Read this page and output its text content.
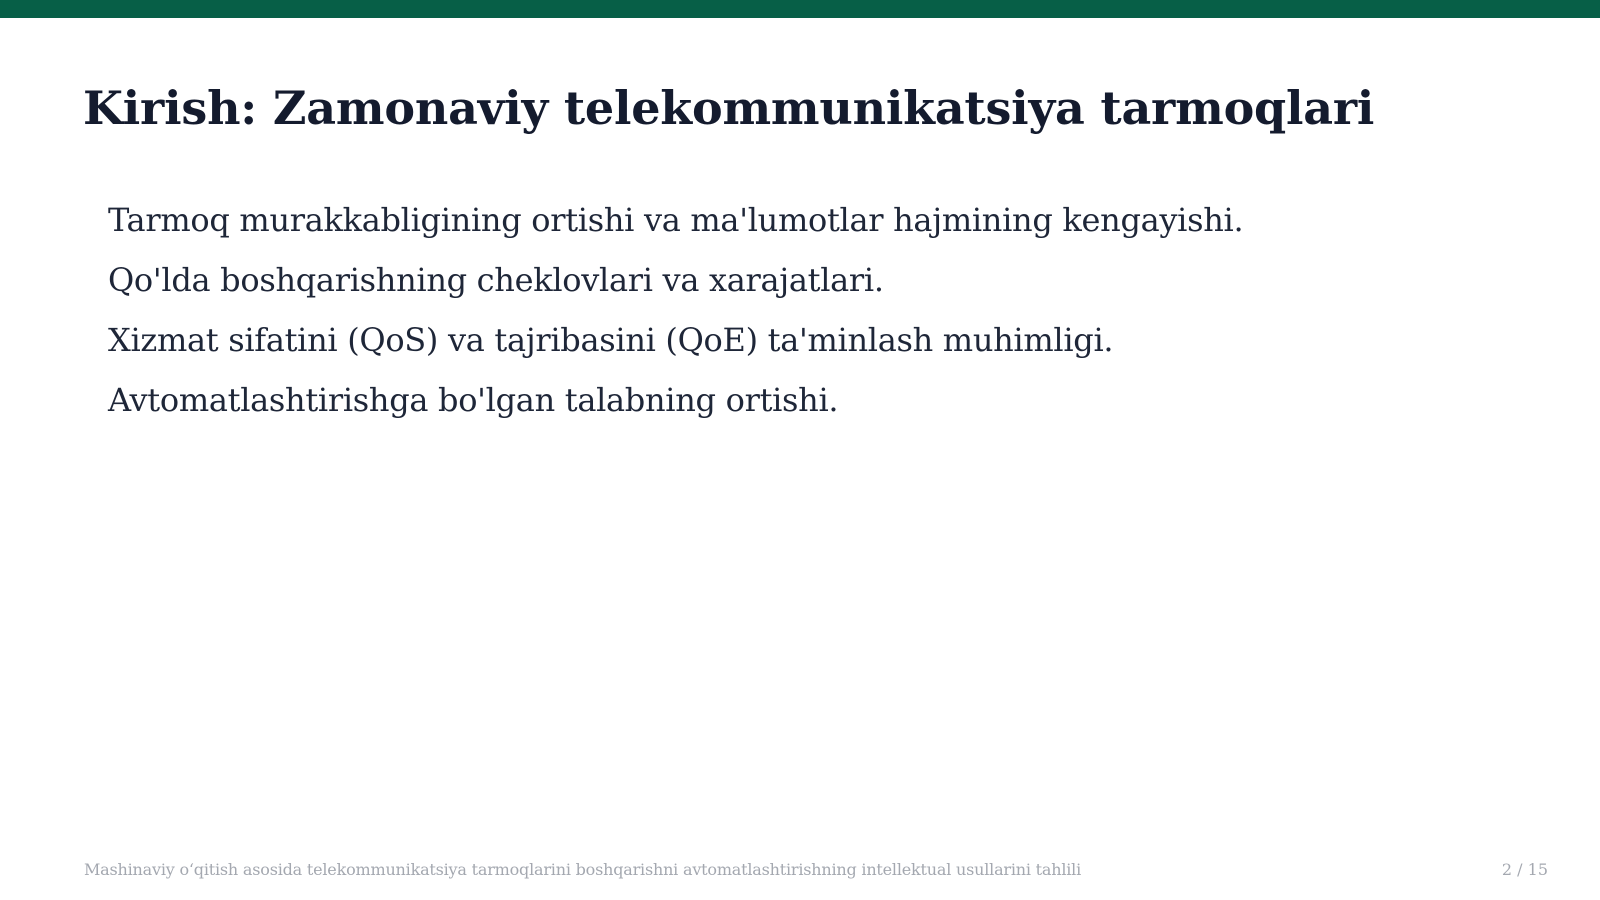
Kirish: Zamonaviy telekommunikatsiya tarmoqlari
Tarmoq murakkabligining ortishi va ma'lumotlar hajmining kengayishi.
Qo'lda boshqarishning cheklovlari va xarajatlari.
Xizmat sifatini (QoS) va tajribasini (QoE) ta'minlash muhimligi.
Avtomatlashtirishga bo'lgan talabning ortishi.
Mashinaviy o‘qitish asosida telekommunikatsiya tarmoqlarini boshqarishni avtomatlashtirishning intellektual usullarini tahlili	2 / 15
